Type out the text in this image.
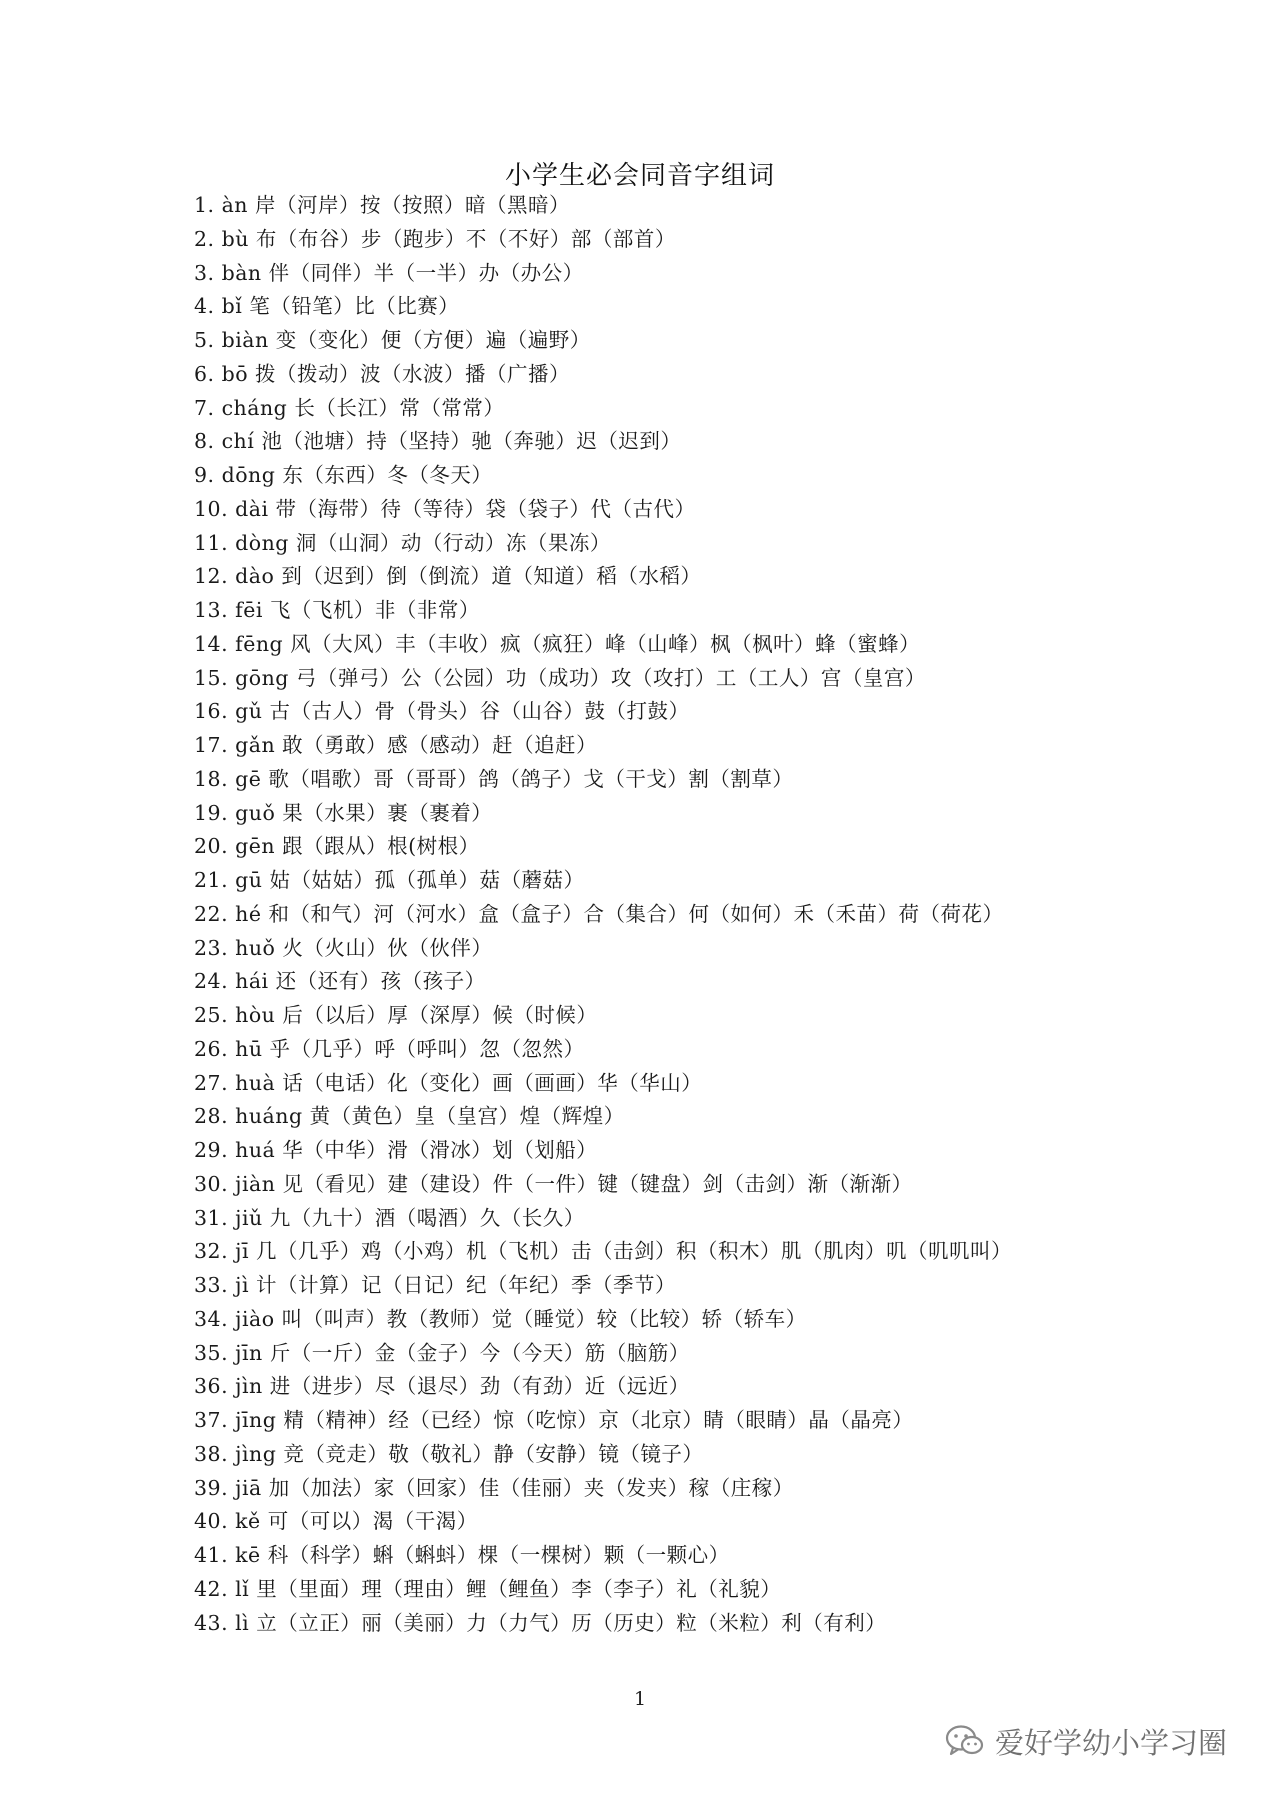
小学生必会同音字组词
1. àn 岸（河岸）按（按照）暗（黑暗）
2. bù 布（布谷）步（跑步）不（不好）部（部首）
3. bàn 伴（同伴）半（一半）办（办公）
4. bǐ 笔（铅笔）比（比赛）
5. biàn 变（变化）便（方便）遍（遍野）
6. bō 拨（拨动）波（水波）播（广播）
7. cháng 长（长江）常（常常）
8. chí 池（池塘）持（坚持）驰（奔驰）迟（迟到）
9. dōng 东（东西）冬（冬天）
10. dài 带（海带）待（等待）袋（袋子）代（古代）
11. dòng 洞（山洞）动（行动）冻（果冻）
12. dào 到（迟到）倒（倒流）道（知道）稻（水稻）
13. fēi 飞（飞机）非（非常）
14. fēng 风（大风）丰（丰收）疯（疯狂）峰（山峰）枫（枫叶）蜂（蜜蜂）
15. gōng 弓（弹弓）公（公园）功（成功）攻（攻打）工（工人）宫（皇宫）
16. gǔ 古（古人）骨（骨头）谷（山谷）鼓（打鼓）
17. gǎn 敢（勇敢）感（感动）赶（追赶）
18. gē 歌（唱歌）哥（哥哥）鸽（鸽子）戈（干戈）割（割草）
19. guǒ 果（水果）裹（裹着）
20. gēn 跟（跟从）根(树根）
21. gū 姑（姑姑）孤（孤单）菇（蘑菇）
22. hé 和（和气）河（河水）盒（盒子）合（集合）何（如何）禾（禾苗）荷（荷花）
23. huǒ 火（火山）伙（伙伴）
24. hái 还（还有）孩（孩子）
25. hòu 后（以后）厚（深厚）候（时候）
26. hū 乎（几乎）呼（呼叫）忽（忽然）
27. huà 话（电话）化（变化）画（画画）华（华山）
28. huáng 黄（黄色）皇（皇宫）煌（辉煌）
29. huá 华（中华）滑（滑冰）划（划船）
30. jiàn 见（看见）建（建设）件（一件）键（键盘）剑（击剑）渐（渐渐）
31. jiǔ 九（九十）酒（喝酒）久（长久）
32. jī 几（几乎）鸡（小鸡）机（飞机）击（击剑）积（积木）肌（肌肉）叽（叽叽叫）
33. jì 计（计算）记（日记）纪（年纪）季（季节）
34. jiào 叫（叫声）教（教师）觉（睡觉）较（比较）轿（轿车）
35. jīn 斤（一斤）金（金子）今（今天）筋（脑筋）
36. jìn 进（进步）尽（退尽）劲（有劲）近（远近）
37. jīng 精（精神）经（已经）惊（吃惊）京（北京）睛（眼睛）晶（晶亮）
38. jìng 竞（竞走）敬（敬礼）静（安静）镜（镜子）
39. jiā 加（加法）家（回家）佳（佳丽）夹（发夹）稼（庄稼）
40. kě 可（可以）渴（干渴）
41. kē 科（科学）蝌（蝌蚪）棵（一棵树）颗（一颗心）
42. lǐ 里（里面）理（理由）鲤（鲤鱼）李（李子）礼（礼貌）
43. lì 立（立正）丽（美丽）力（力气）历（历史）粒（米粒）利（有利）
1
爱好学幼小学习圈
